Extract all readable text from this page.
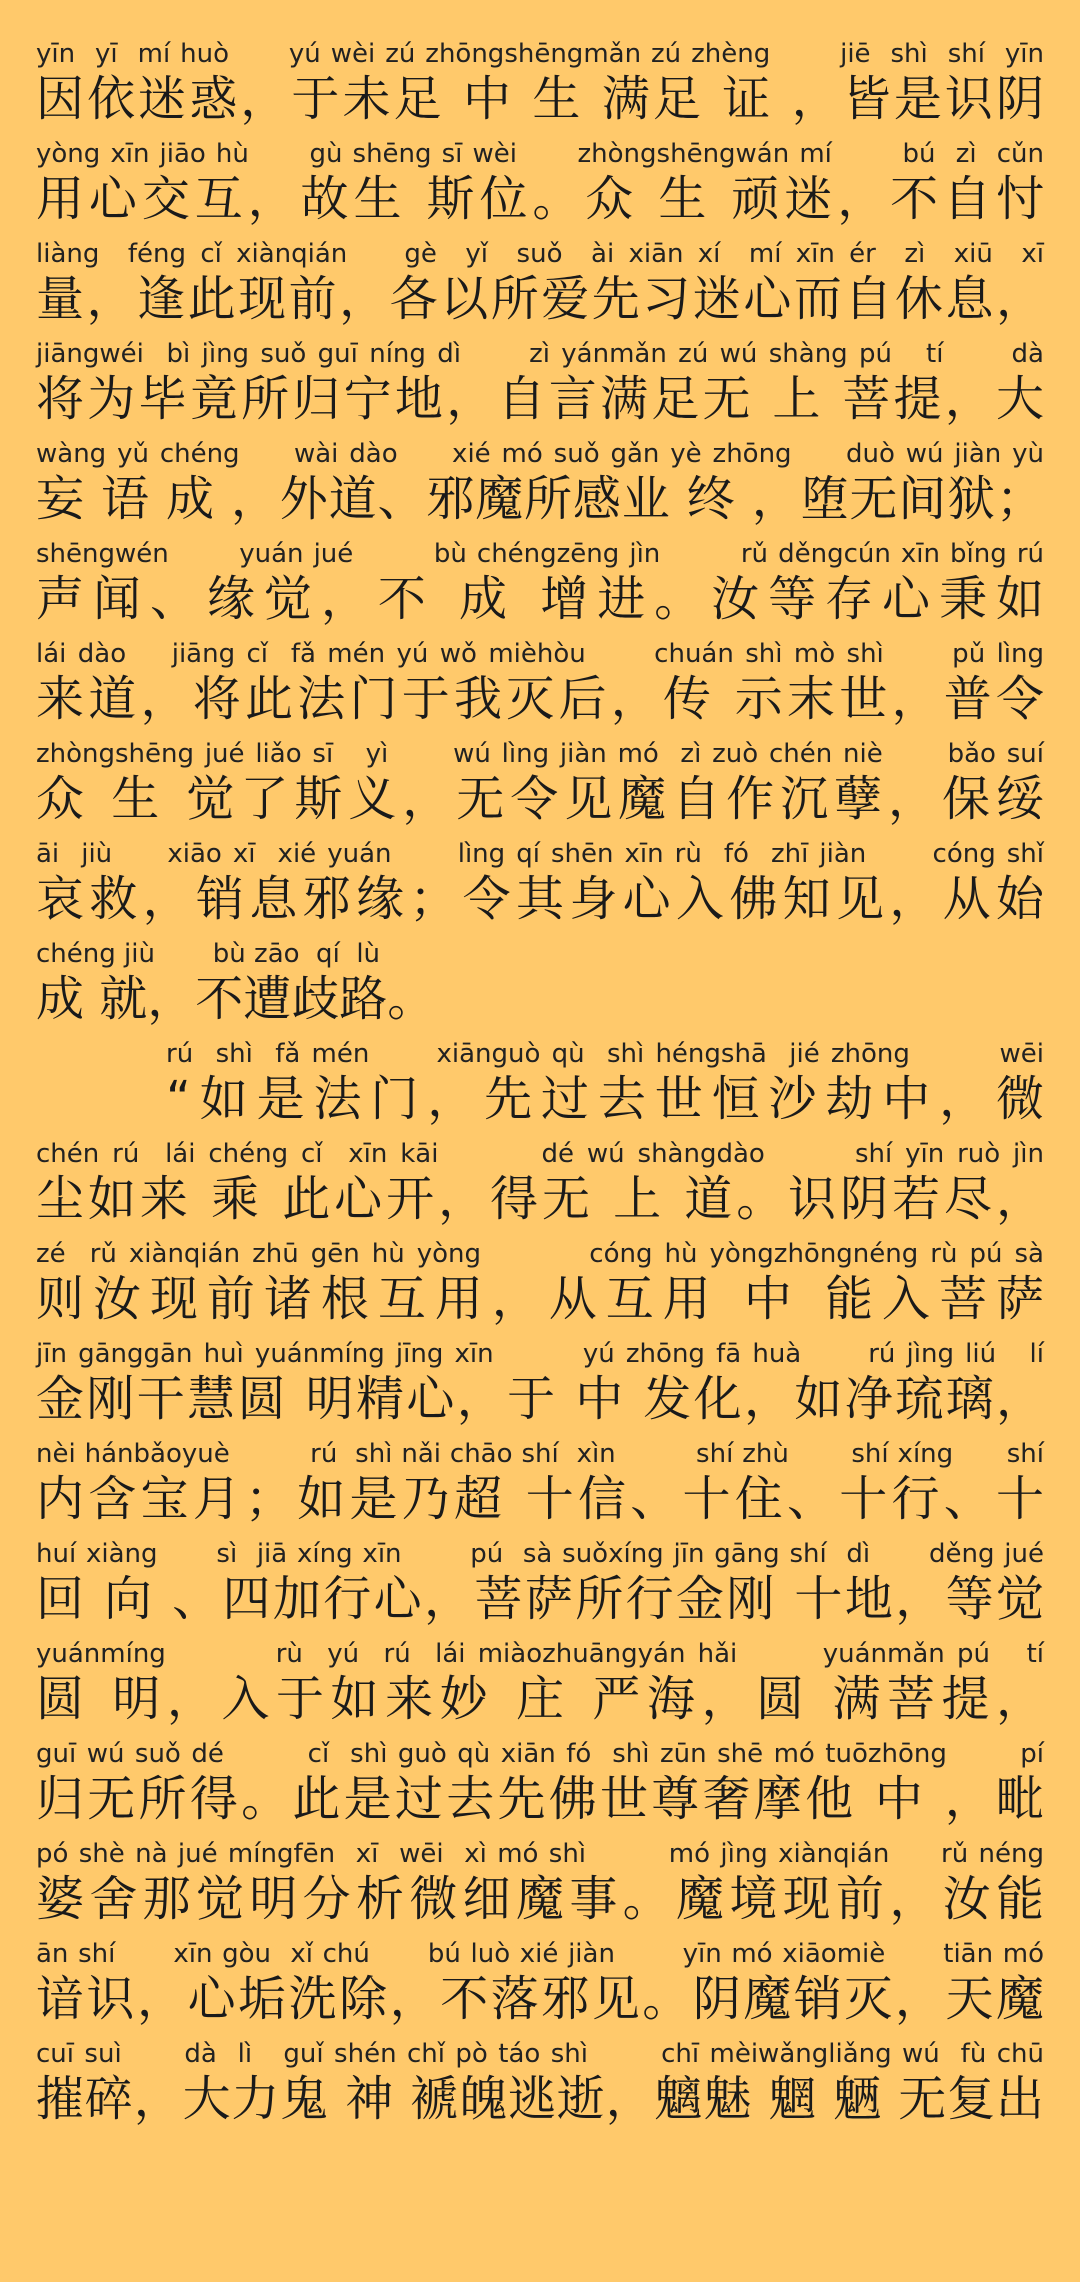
yīn  yī  mí huò      yú wèi zú zhōngshēngmǎn zú zhèng       jiē  shì  shí  yīn
因依迷惑，于未足 中 生 满足 证 ，皆是识阴
yòng xīn jiāo hù      gù shēng sī wèi      zhòngshēngwán mí       bú  zì  cǔn
用心交互，故生 斯位。众 生 顽迷，不自忖
liàng  féng cǐ xiànqián    gè  yǐ  suǒ  ài xiān xí  mí xīn ér  zì  xiū  xī
量，逢此现前，各以所爱先习迷心而自休息，
jiāngwéi  bì jìng suǒ guī níng dì      zì yánmǎn zú wú shàng pú   tí      dà
将为毕竟所归宁地，自言满足无 上 菩提，大
wàng yǔ chéng     wài dào     xié mó suǒ gǎn yè zhōng     duò wú jiàn yù
妄 语 成 ，外道、邪魔所感业 终 ，堕无间狱；
shēngwén       yuán jué        bù chéngzēng jìn        rǔ děngcún xīn bǐng rú
声闻、缘觉，不 成 增进。汝等存心秉如
lái dào    jiāng cǐ  fǎ mén yú wǒ mièhòu      chuán shì mò shì      pǔ lìng
来道，将此法门于我灭后，传 示末世，普令
zhòngshēng jué liǎo sī   yì      wú lìng jiàn mó  zì zuò chén niè      bǎo suí
众 生 觉了斯义，无令见魔自作沉孽，保绥
āi  jiù     xiāo xī  xié yuán      lìng qí shēn xīn rù  fó  zhī jiàn      cóng shǐ
哀救，销息邪缘；令其身心入佛知见，从始
chéng jiù       bù zāo  qí  lù
成 就，不遭歧路。
rú  shì  fǎ mén      xiānguò qù  shì héngshā  jié zhōng        wēi
“如是法门，先过去世恒沙劫中，微
chén rú  lái chéng cǐ  xīn kāi        dé wú shàngdào       shí yīn ruò jìn
尘如来 乘 此心开，得无 上 道。识阴若尽，
zé  rǔ xiànqián zhū gēn hù yòng         cóng hù yòngzhōngnéng rù pú sà
则汝现前诸根互用，从互用 中 能入菩萨
jīn gānggān huì yuánmíng jīng xīn        yú zhōng fā huà      rú jìng liú   lí
金刚干慧圆 明精心，于 中 发化，如净琉璃，
nèi hánbǎoyuè         rú  shì nǎi chāo shí  xìn         shí zhù       shí xíng      shí
内含宝月；如是乃超 十信、十住、十行、十
huí xiàng      sì  jiā xíng xīn       pú  sà suǒxíng jīn gāng shí  dì      děng jué
回 向 、四加行心，菩萨所行金刚 十地，等觉
yuánmíng         rù  yú  rú  lái miàozhuāngyán hǎi       yuánmǎn pú   tí
圆 明，入于如来妙 庄 严海，圆 满菩提，
guī wú suǒ dé        cǐ  shì guò qù xiān fó  shì zūn shē mó tuōzhōng       pí
归无所得。此是过去先佛世尊奢摩他 中 ，毗
pó shè nà jué míngfēn  xī  wēi  xì mó shì        mó jìng xiànqián     rǔ néng
婆舍那觉明分析微细魔事。魔境现前，汝能
ān shí      xīn gòu  xǐ chú      bú luò xié jiàn       yīn mó xiāomiè      tiān mó
谙识，心垢洗除，不落邪见。阴魔销灭，天魔
cuī suì      dà  lì   guǐ shén chǐ pò táo shì       chī mèiwǎngliǎng wú  fù chū
摧碎，大力鬼 神 褫魄逃逝，魑魅 魍 魉 无复出
